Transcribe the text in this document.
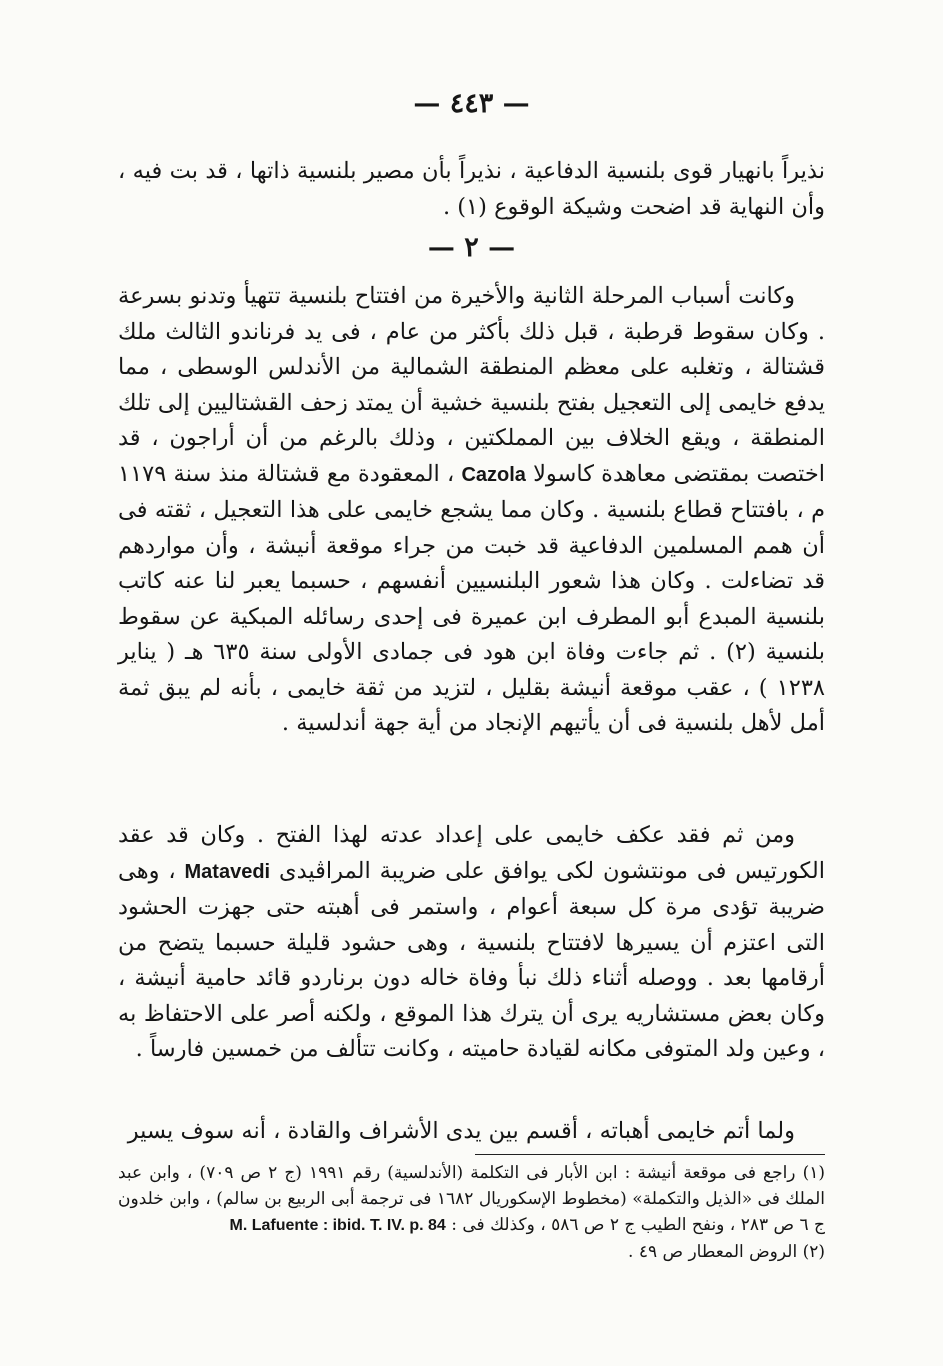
— ٤٤٣ —

نذيراً بانهيار قوى بلنسية الدفاعية ، نذيراً بأن مصير بلنسية ذاتها ، قد بت فيه ، وأن النهاية قد اضحت وشيكة الوقوع (١) .

— ٢ —

وكانت أسباب المرحلة الثانية والأخيرة من افتتاح بلنسية تتهيأ وتدنو بسرعة . وكان سقوط قرطبة ، قبل ذلك بأكثر من عام ، فى يد فرناندو الثالث ملك قشتالة ، وتغلبه على معظم المنطقة الشمالية من الأندلس الوسطى ، مما يدفع خايمى إلى التعجيل بفتح بلنسية خشية أن يمتد زحف القشتاليين إلى تلك المنطقة ، ويقع الخلاف بين المملكتين ، وذلك بالرغم من أن أراجون ، قد اختصت بمقتضى معاهدة كاسولا Cazola ، المعقودة مع قشتالة منذ سنة ١١٧٩ م ، بافتتاح قطاع بلنسية . وكان مما يشجع خايمى على هذا التعجيل ، ثقته فى أن همم المسلمين الدفاعية قد خبت من جراء موقعة أنيشة ، وأن مواردهم قد تضاءلت . وكان هذا شعور البلنسيين أنفسهم ، حسبما يعبر لنا عنه كاتب بلنسية المبدع أبو المطرف ابن عميرة فى إحدى رسائله المبكية عن سقوط بلنسية (٢) . ثم جاءت وفاة ابن هود فى جمادى الأولى سنة ٦٣٥ هـ ( يناير ١٢٣٨ ) ، عقب موقعة أنيشة بقليل ، لتزيد من ثقة خايمى ، بأنه لم يبق ثمة أمل لأهل بلنسية فى أن يأتيهم الإنجاد من أية جهة أندلسية .

ومن ثم فقد عكف خايمى على إعداد عدته لهذا الفتح . وكان قد عقد الكورتيس فى مونتشون لكى يوافق على ضريبة المراڤيدى Matavedi ، وهى ضريبة تؤدى مرة كل سبعة أعوام ، واستمر فى أهبته حتى جهزت الحشود التى اعتزم أن يسيرها لافتتاح بلنسية ، وهى حشود قليلة حسبما يتضح من أرقامها بعد . ووصله أثناء ذلك نبأ وفاة خاله دون برناردو قائد حامية أنيشة ، وكان بعض مستشاريه يرى أن يترك هذا الموقع ، ولكنه أصر على الاحتفاظ به ، وعين ولد المتوفى مكانه لقيادة حاميته ، وكانت تتألف من خمسين فارساً .

ولما أتم خايمى أهباته ، أقسم بين يدى الأشراف والقادة ، أنه سوف يسير

(١) راجع فى موقعة أنيشة : ابن الأبار فى التكلمة (الأندلسية) رقم ١٩٩١ (ج ٢ ص ٧٠٩) ، وابن عبد الملك فى «الذيل والتكملة» (مخطوط الإسكوريال ١٦٨٢ فى ترجمة أبى الربيع بن سالم) ، وابن خلدون ج ٦ ص ٢٨٣ ، ونفح الطيب ج ٢ ص ٥٨٦ ، وكذلك فى : M. Lafuente : ibid. T. IV. p. 84

(٢) الروض المعطار ص ٤٩ .
